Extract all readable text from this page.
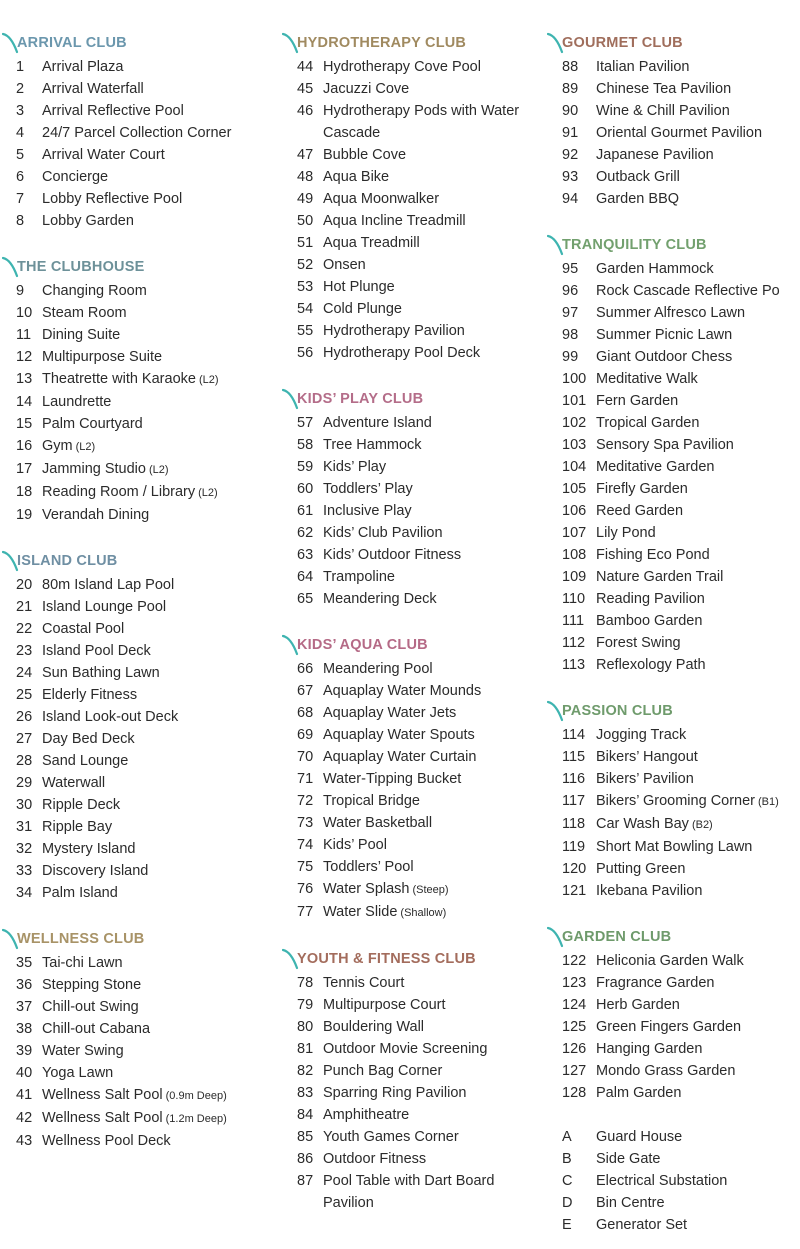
ARRIVAL CLUB
1	Arrival Plaza
2	Arrival Waterfall
3	Arrival Reflective Pool
4	24/7 Parcel Collection Corner
5	Arrival Water Court
6	Concierge
7	Lobby Reflective Pool
8	Lobby Garden
THE CLUBHOUSE
9	Changing Room
10 Steam Room
11 Dining Suite
12 Multipurpose Suite
13 Theatrette with Karaoke (L2)
14 Laundrette
15 Palm Courtyard
16 Gym (L2)
17 Jamming Studio (L2)
18 Reading Room / Library (L2)
19 Verandah Dining
ISLAND CLUB
20 80m Island Lap Pool
21 Island Lounge Pool
22 Coastal Pool
23 Island Pool Deck
24 Sun Bathing Lawn
25 Elderly Fitness
26 Island Look-out Deck
27 Day Bed Deck
28 Sand Lounge
29 Waterwall
30 Ripple Deck
31 Ripple Bay
32 Mystery Island
33 Discovery Island
34 Palm Island
WELLNESS CLUB
35 Tai-chi Lawn
36 Stepping Stone
37 Chill-out Swing
38 Chill-out Cabana
39 Water Swing
40 Yoga Lawn
41 Wellness Salt Pool (0.9m Deep)
42 Wellness Salt Pool (1.2m Deep)
43 Wellness Pool Deck
HYDROTHERAPY CLUB
44 Hydrotherapy Cove Pool
45 Jacuzzi Cove
46 Hydrotherapy Pods with Water Cascade
47 Bubble Cove
48 Aqua Bike
49 Aqua Moonwalker
50 Aqua Incline Treadmill
51 Aqua Treadmill
52 Onsen
53 Hot Plunge
54 Cold Plunge
55 Hydrotherapy Pavilion
56 Hydrotherapy Pool Deck
KIDS’ PLAY CLUB
57 Adventure Island
58 Tree Hammock
59 Kids’ Play
60 Toddlers’ Play
61 Inclusive Play
62 Kids’ Club Pavilion
63 Kids’ Outdoor Fitness
64 Trampoline
65 Meandering Deck
KIDS’ AQUA CLUB
66 Meandering Pool
67 Aquaplay Water Mounds
68 Aquaplay Water Jets
69 Aquaplay Water Spouts
70 Aquaplay Water Curtain
71 Water-Tipping Bucket
72 Tropical Bridge
73 Water Basketball
74 Kids’ Pool
75 Toddlers’ Pool
76 Water Splash (Steep)
77 Water Slide (Shallow)
YOUTH & FITNESS CLUB
78 Tennis Court
79 Multipurpose Court
80 Bouldering Wall
81 Outdoor Movie Screening
82 Punch Bag Corner
83 Sparring Ring Pavilion
84 Amphitheatre
85 Youth Games Corner
86 Outdoor Fitness
87 Pool Table with Dart Board Pavilion
GOURMET CLUB
88	Italian Pavilion
89	Chinese Tea Pavilion
90	Wine & Chill Pavilion
91	Oriental Gourmet Pavilion
92	Japanese Pavilion
93	Outback Grill
94	Garden BBQ
TRANQUILITY CLUB
95	Garden Hammock
96	Rock Cascade Reflective Po
97	Summer Alfresco Lawn
98	Summer Picnic Lawn
99	Giant Outdoor Chess
100 Meditative Walk
101 Fern Garden
102 Tropical Garden
103 Sensory Spa Pavilion
104 Meditative Garden
105 Firefly Garden
106 Reed Garden
107 Lily Pond
108 Fishing Eco Pond
109 Nature Garden Trail
110 Reading Pavilion
111 Bamboo Garden
112 Forest Swing
113 Reflexology Path
PASSION CLUB
114 Jogging Track
115 Bikers’ Hangout
116 Bikers’ Pavilion
117 Bikers’ Grooming Corner (B1)
118 Car Wash Bay (B2)
119 Short Mat Bowling Lawn
120 Putting Green
121 Ikebana Pavilion
GARDEN CLUB
122 Heliconia Garden Walk
123 Fragrance Garden
124 Herb Garden
125 Green Fingers Garden
126 Hanging Garden
127 Mondo Grass Garden
128 Palm Garden
A	Guard House
B	Side Gate
C	Electrical Substation
D	Bin Centre
E	Generator Set
